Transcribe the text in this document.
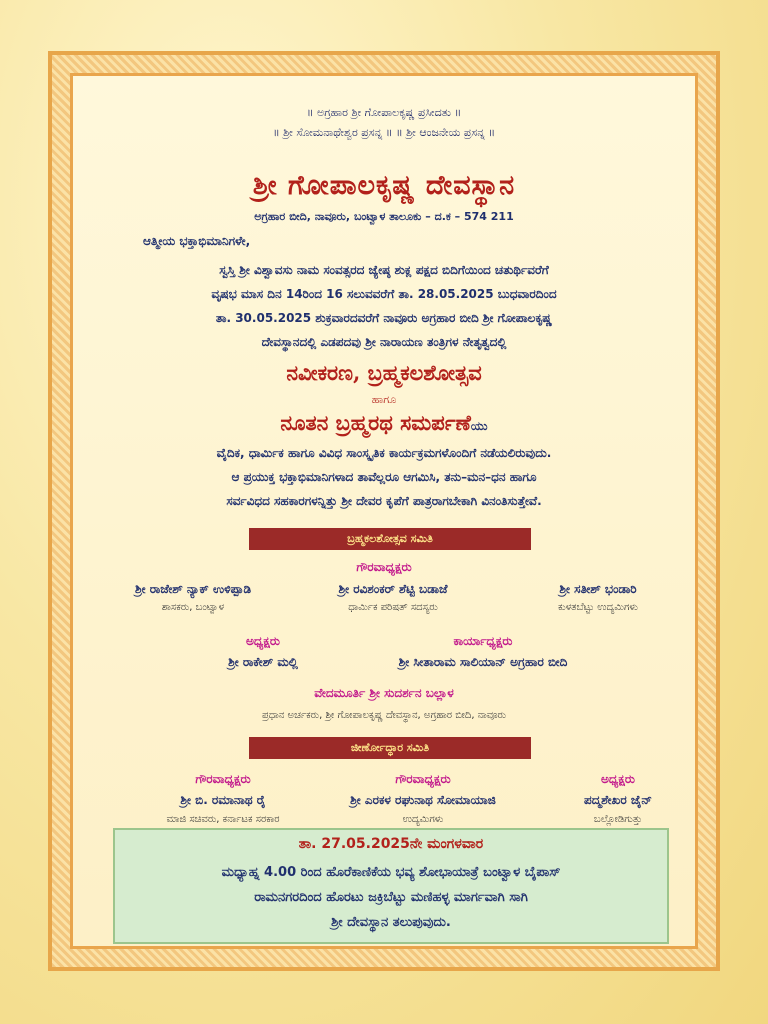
॥ ಅಗ್ರಹಾರ ಶ್ರೀ ಗೋಪಾಲಕೃಷ್ಣ ಪ್ರಸೀದತು ॥
॥ ಶ್ರೀ ಸೋಮನಾಥೇಶ್ವರ ಪ್ರಸನ್ನ ॥ ॥ ಶ್ರೀ ಆಂಜನೇಯ ಪ್ರಸನ್ನ ॥
ಶ್ರೀ ಗೋಪಾಲಕೃಷ್ಣ ದೇವಸ್ಥಾನ
ಅಗ್ರಹಾರ ಬೀದಿ, ನಾವೂರು, ಬಂಟ್ವಾಳ ತಾಲೂಕು – ದ.ಕ – 574 211
ಆತ್ಮೀಯ ಭಕ್ತಾಭಿಮಾನಿಗಳೇ,
ಸ್ವಸ್ತಿ ಶ್ರೀ ವಿಶ್ವಾವಸು ನಾಮ ಸಂವತ್ಸರದ ಜ್ಯೇಷ್ಠ ಶುಕ್ಲ ಪಕ್ಷದ ಬಿದಿಗೆಯಿಂದ ಚತುರ್ಥಿವರೆಗೆ
ವೃಷಭ ಮಾಸ ದಿನ 14ರಿಂದ 16 ಸಲುವವರೆಗೆ ತಾ. 28.05.2025 ಬುಧವಾರದಿಂದ
ತಾ. 30.05.2025 ಶುಕ್ರವಾರದವರೆಗೆ ನಾವೂರು ಅಗ್ರಹಾರ ಬೀದಿ ಶ್ರೀ ಗೋಪಾಲಕೃಷ್ಣ
ದೇವಸ್ಥಾನದಲ್ಲಿ ಎಡಪದವು ಶ್ರೀ ನಾರಾಯಣ ತಂತ್ರಿಗಳ ನೇತೃತ್ವದಲ್ಲಿ
ನವೀಕರಣ, ಬ್ರಹ್ಮಕಲಶೋತ್ಸವ
ಹಾಗೂ
ನೂತನ ಬ್ರಹ್ಮರಥ ಸಮರ್ಪಣೆಯು
ವೈದಿಕ, ಧಾರ್ಮಿಕ ಹಾಗೂ ವಿವಿಧ ಸಾಂಸ್ಕೃತಿಕ ಕಾರ್ಯಕ್ರಮಗಳೊಂದಿಗೆ ನಡೆಯಲಿರುವುದು.
ಆ ಪ್ರಯುಕ್ತ ಭಕ್ತಾಭಿಮಾನಿಗಳಾದ ತಾವೆಲ್ಲರೂ ಆಗಮಿಸಿ, ತನು–ಮನ–ಧನ ಹಾಗೂ
ಸರ್ವವಿಧದ ಸಹಕಾರಗಳನ್ನಿತ್ತು ಶ್ರೀ ದೇವರ ಕೃಪೆಗೆ ಪಾತ್ರರಾಗಬೇಕಾಗಿ ವಿನಂತಿಸುತ್ತೇವೆ.
ಬ್ರಹ್ಮಕಲಶೋತ್ಸವ ಸಮಿತಿ
ಗೌರವಾಧ್ಯಕ್ಷರು
ಶ್ರೀ ರಾಜೇಶ್ ನ್ಯಾಕ್ ಉಳಿಪ್ಪಾಡಿ
ಶಾಸಕರು, ಬಂಟ್ವಾಳ
ಶ್ರೀ ರವಿಶಂಕರ್ ಶೆಟ್ಟಿ ಬಡಾಜೆ
ಧಾರ್ಮಿಕ ಪರಿಷತ್ ಸದಸ್ಯರು
ಶ್ರೀ ಸತೀಶ್ ಭಂಡಾರಿ
ಕುಳತಬೆಟ್ಟು ಉದ್ಯಮಿಗಳು
ಅಧ್ಯಕ್ಷರು
ಶ್ರೀ ರಾಕೇಶ್ ಮಲ್ಲಿ
ಕಾರ್ಯಾಧ್ಯಕ್ಷರು
ಶ್ರೀ ಸೀತಾರಾಮ ಸಾಲಿಯಾನ್ ಅಗ್ರಹಾರ ಬೀದಿ
ವೇದಮೂರ್ತಿ ಶ್ರೀ ಸುದರ್ಶನ ಬಲ್ಲಾಳ
ಪ್ರಧಾನ ಅರ್ಚಕರು, ಶ್ರೀ ಗೋಪಾಲಕೃಷ್ಣ ದೇವಸ್ಥಾನ, ಅಗ್ರಹಾರ ಬೀದಿ, ನಾವೂರು
ಜೀರ್ಣೋದ್ಧಾರ ಸಮಿತಿ
ಗೌರವಾಧ್ಯಕ್ಷರು
ಶ್ರೀ ಬಿ. ರಮಾನಾಥ ರೈ
ಮಾಜಿ ಸಚಿವರು, ಕರ್ನಾಟಕ ಸರಕಾರ
ಗೌರವಾಧ್ಯಕ್ಷರು
ಶ್ರೀ ಎರಕಳ ರಘುನಾಥ ಸೋಮಾಯಾಜಿ
ಉದ್ಯಮಿಗಳು
ಅಧ್ಯಕ್ಷರು
ಪದ್ಮಶೇಖರ ಜೈನ್
ಬಲ್ಲೋಡಿಗುತ್ತು
ತಾ. 27.05.2025ನೇ ಮಂಗಳವಾರ
ಮಧ್ಯಾಹ್ನ 4.00 ರಿಂದ ಹೊರೆಕಾಣಿಕೆಯ ಭವ್ಯ ಶೋಭಾಯಾತ್ರೆ ಬಂಟ್ವಾಳ ಬೈಪಾಸ್
ರಾಮನಗರದಿಂದ ಹೊರಟು ಜಕ್ರಿಬೆಟ್ಟು ಮಣಿಹಳ್ಳ ಮಾರ್ಗವಾಗಿ ಸಾಗಿ
ಶ್ರೀ ದೇವಸ್ಥಾನ ತಲುಪುವುದು.
